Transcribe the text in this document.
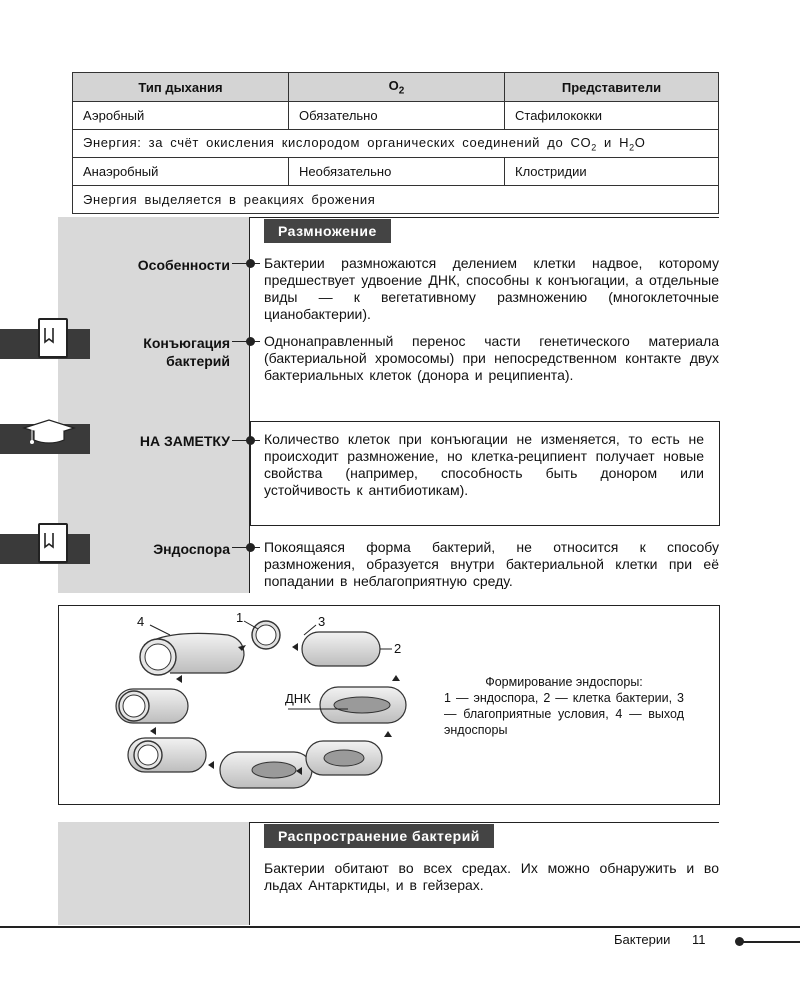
Тип дыхания	$O_2$	Представители
Аэробный	Обязательно	Стафилококки
Энергия: за счёт окисления кислородом органических соединений до $CO_2$ и $H_2O$		
Анаэробный	Необязательно	Клостридии
Энергия выделяется в реакциях брожения		
Размножение
Особенности Бактерии размножаются делением клетки надвое, которому предшествует удвоение ДНК, способны к конъюгации, а отдельные виды — к вегетативному размножению (многоклеточные цианобактерии).
Конъюгация
бактерий
Однонаправленный перенос части генетического материала (бактериальной хромосомы) при непосредственном контакте двух бактериальных клеток (донора и реципиента).
НА ЗАМЕТКУ Количество клеток при конъюгации не изменяется, то есть не происходит размножение, но клетка-реципиент получает новые свойства (например, способность быть донором или устойчивость к антибиотикам).
Эндоспора Покоящаяся форма бактерий, не относится к способу размножения, образуется внутри бактериальной клетки при её попадании в неблагоприятную среду.
4	1	3
2
ДНК
Формирование эндоспоры:
1 — эндоспора, 2 — клетка бактерии, 3 — благоприятные условия, 4 — выход эндоспоры
Распространение бактерий
Бактерии обитают во всех средах. Их можно обнаружить и во льдах Антарктиды, и в гейзерах.
Бактерии 11
